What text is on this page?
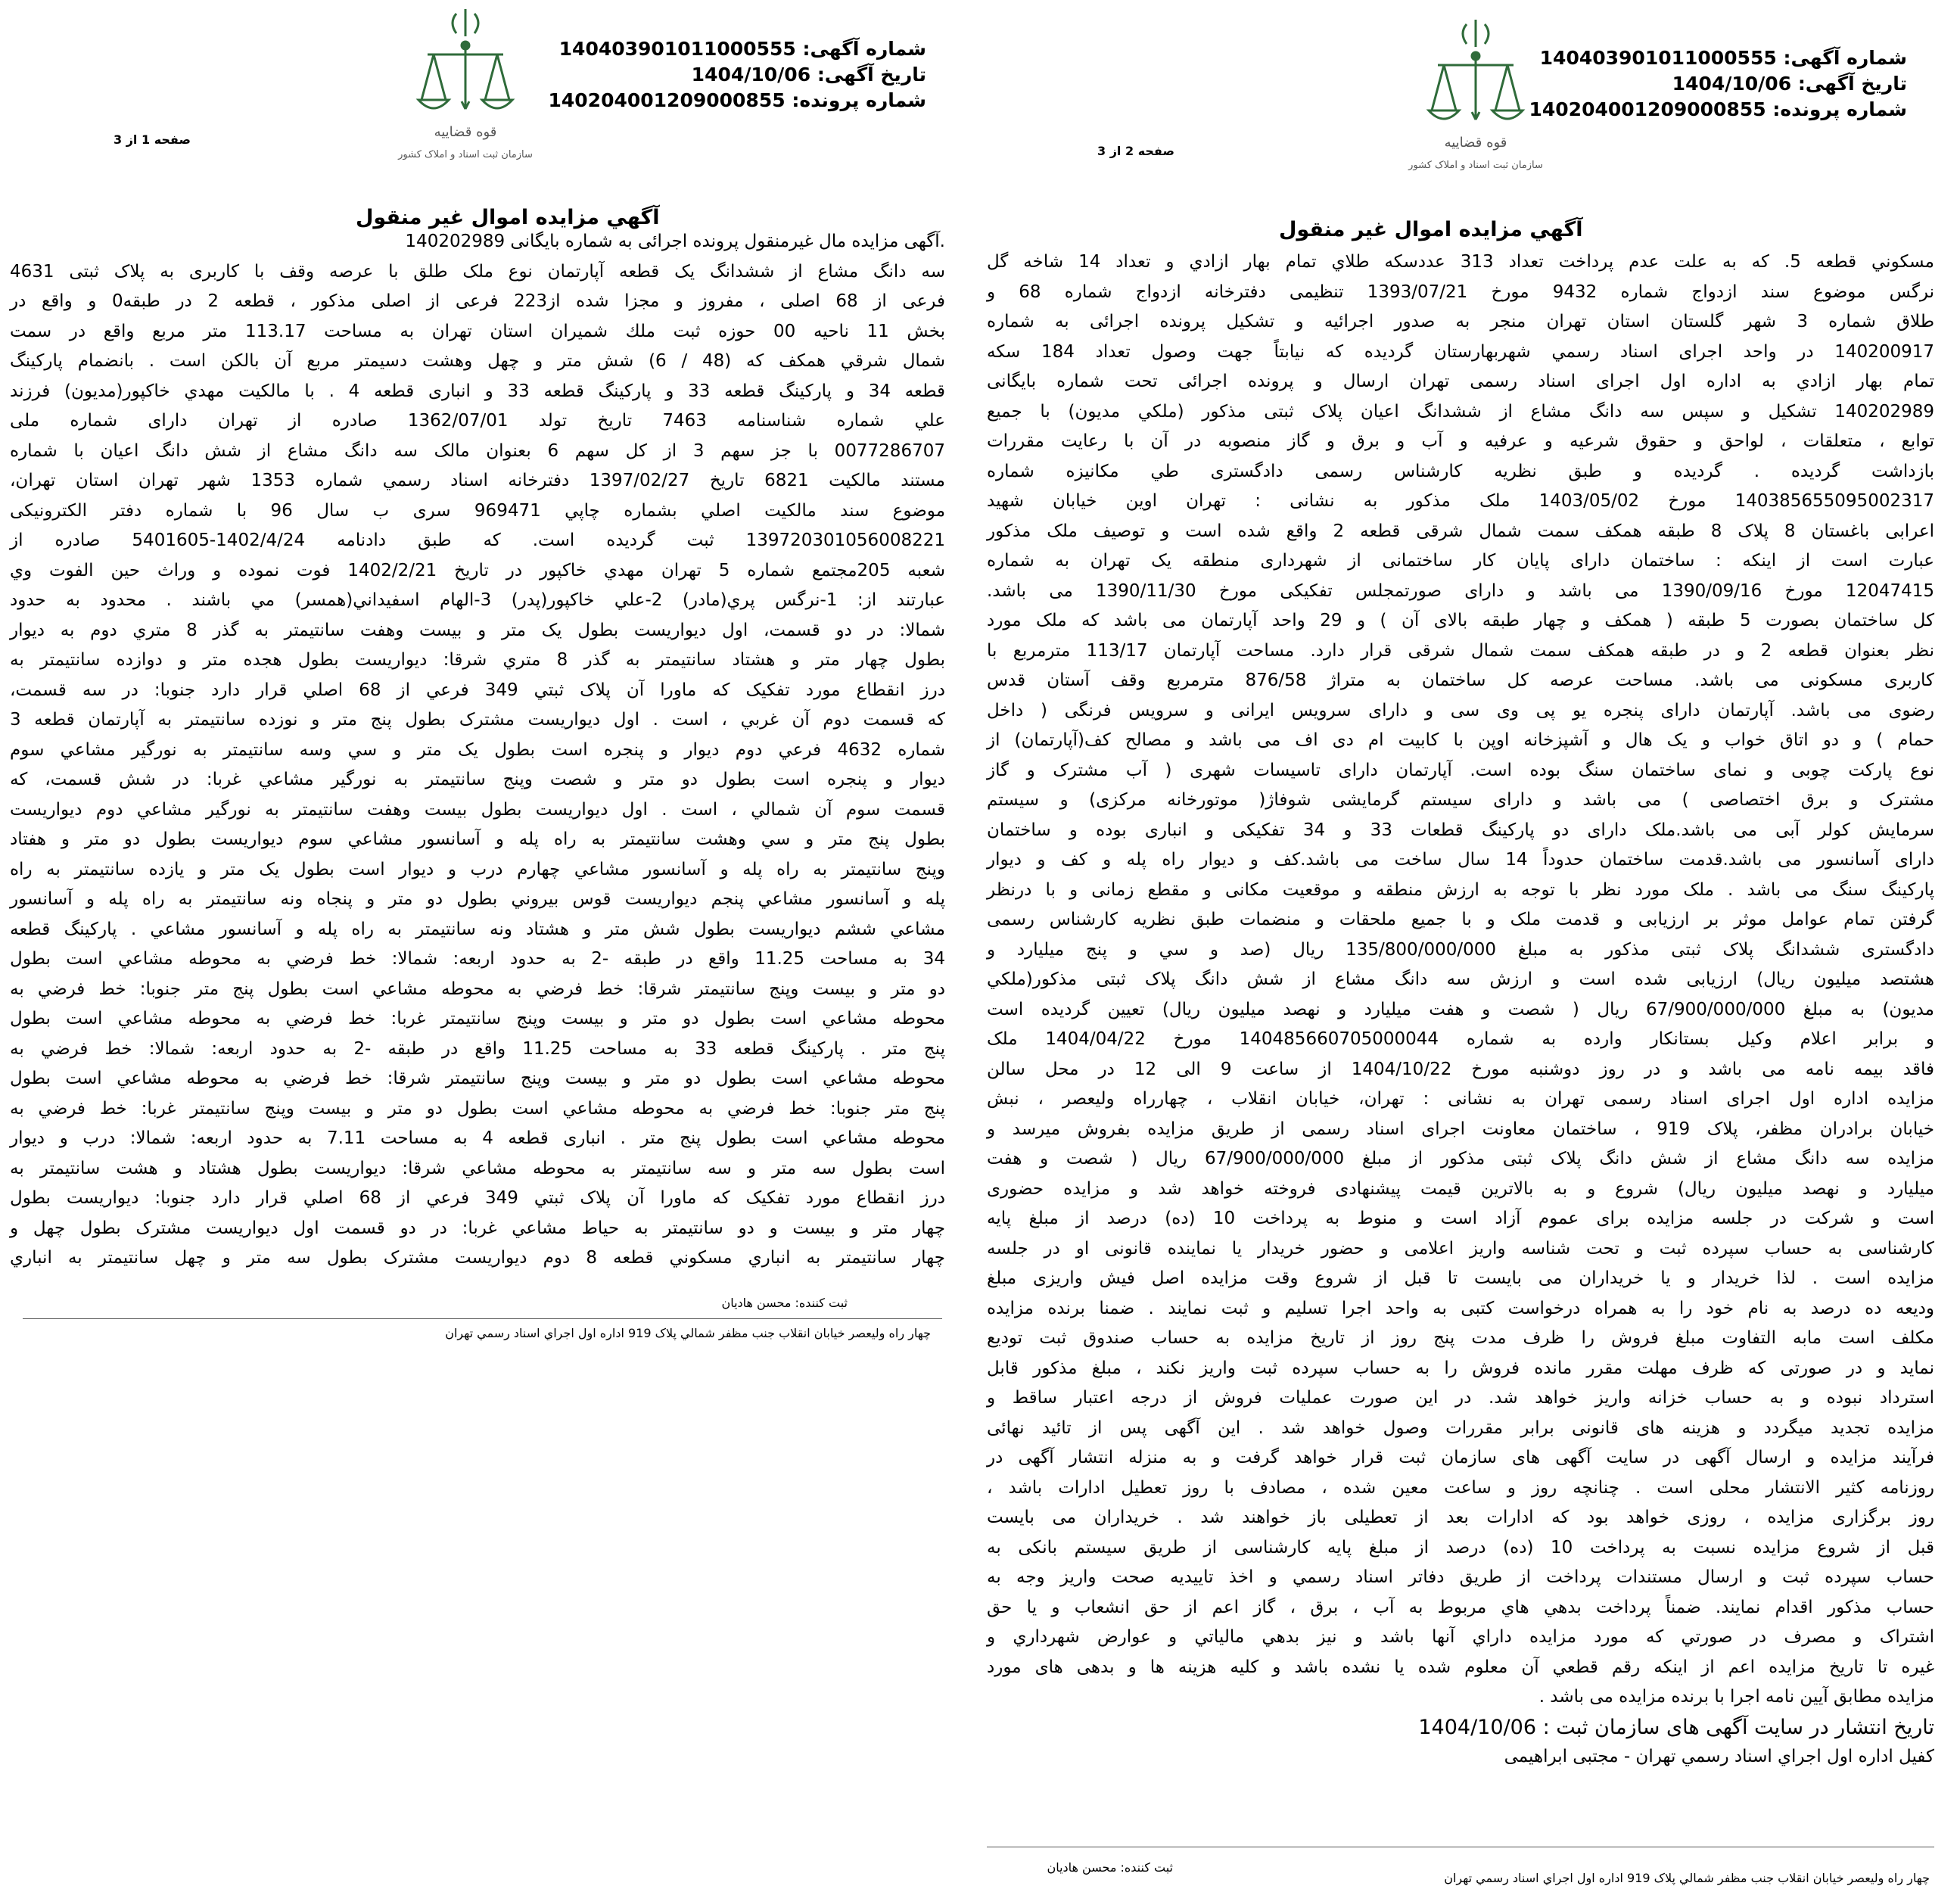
قوه قضاییه
سازمان ثبت اسناد و املاک کشور
شماره آگهی: 140403901011000555
تاریخ آگهی: 1404/10/06
شماره پرونده: 140204001209000855
صفحه 2 از 3
آگهي مزايده اموال غير منقول
مسكوني قطعه 5. كه به علت عدم پرداخت تعداد 313 عددسكه طلاي تمام بهار ازادي و تعداد 14 شاخه گل
نرگس موضوع سند ازدواج شماره 9432 مورخ 1393/07/21 تنظيمی دفترخانه ازدواج شماره 68 و
طلاق شماره 3 شهر گلستان استان تهران منجر به صدور اجرائيه و تشكيل پرونده اجرائی به شماره
140200917 در واحد اجرای اسناد رسمي شهربهارستان گرديده كه نيابتاً جهت وصول تعداد 184 سكه
تمام بهار ازادي به اداره اول اجرای اسناد رسمی تهران ارسال و پرونده اجرائی تحت شماره بايگانی
140202989 تشكيل و سپس سه دانگ مشاع از ششدانگ اعيان پلاک ثبتی مذكور (ملكي مديون) با جميع
توابع ، متعلقات ، لواحق و حقوق شرعيه و عرفيه و آب و برق و گاز منصوبه در آن با رعايت مقررات
بازداشت گرديده . گرديده و طبق نظريه كارشناس رسمی دادگستری طي مكانيزه شماره
140385655095002317 مورخ 1403/05/02 ملک مذكور به نشانی : تهران اوين خيابان شهيد
اعرابی باغستان 8 پلاک 8 طبقه همكف سمت شمال شرقی قطعه 2 واقع شده است و توصيف ملک مذكور
عبارت است از اينكه : ساختمان دارای پايان كار ساختمانی از شهرداری منطقه يک تهران به شماره
12047415 مورخ 1390/09/16 می باشد و دارای صورتمجلس تفكيكی مورخ 1390/11/30 می باشد.
كل ساختمان بصورت 5 طبقه ( همكف و چهار طبقه بالای آن ) و 29 واحد آپارتمان می باشد كه ملک مورد
نظر بعنوان قطعه 2 و در طبقه همكف سمت شمال شرقی قرار دارد. مساحت آپارتمان 113/17 مترمربع با
كاربری مسكونی می باشد. مساحت عرصه كل ساختمان به متراژ 876/58 مترمربع وقف آستان قدس
رضوی می باشد. آپارتمان دارای پنجره يو پی وی سی و دارای سرويس ايرانی و سرويس فرنگی ( داخل
حمام ) و دو اتاق خواب و يک هال و آشپزخانه اوپن با كابيت ام دی اف می باشد و مصالح كف(آپارتمان) از
نوع پاركت چوبی و نمای ساختمان سنگ بوده است. آپارتمان دارای تاسيسات شهری ( آب مشترک و گاز
مشترک و برق اختصاصی ) می باشد و دارای سيستم گرمايشی شوفاژ( موتورخانه مركزی) و سيستم
سرمايش كولر آبی می باشد.ملک دارای دو پاركينگ قطعات 33 و 34 تفكيكی و انباری بوده و ساختمان
دارای آسانسور می باشد.قدمت ساختمان حدوداً 14 سال ساخت می باشد.كف و ديوار راه پله و كف و ديوار
پاركينگ سنگ می باشد . ملک مورد نظر با توجه به ارزش منطقه و موقعيت مكانی و مقطع زمانی و با درنظر
گرفتن تمام عوامل موثر بر ارزيابی و قدمت ملک و با جميع ملحقات و منضمات طبق نظريه كارشناس رسمی
دادگستری ششدانگ پلاک ثبتی مذكور به مبلغ 135/800/000/000 ريال (صد و سي و پنج ميليارد و
هشتصد ميليون ريال) ارزيابی شده است و ارزش سه دانگ مشاع از شش دانگ پلاک ثبتی مذكور(ملكي
مديون) به مبلغ 67/900/000/000 ريال ( شصت و هفت ميليارد و نهصد ميليون ريال) تعيين گرديده است
و برابر اعلام وكيل بستانكار وارده به شماره 140485660705000044 مورخ 1404/04/22 ملک
فاقد بيمه نامه می باشد و در روز دوشنبه مورخ 1404/10/22 از ساعت 9 الی 12 در محل سالن
مزايده اداره اول اجرای اسناد رسمی تهران به نشانی : تهران، خيابان انقلاب ، چهارراه وليعصر ، نبش
خيابان برادران مظفر، پلاک 919 ، ساختمان معاونت اجرای اسناد رسمی از طريق مزايده بفروش ميرسد و
مزايده سه دانگ مشاع از شش دانگ پلاک ثبتی مذكور از مبلغ 67/900/000/000 ريال ( شصت و هفت
ميليارد و نهصد ميليون ريال) شروع و به بالاترين قيمت پيشنهادی فروخته خواهد شد و مزايده حضوری
است و شركت در جلسه مزايده برای عموم آزاد است و منوط به پرداخت 10 (ده) درصد از مبلغ پايه
كارشناسی به حساب سپرده ثبت و تحت شناسه واريز اعلامی و حضور خريدار يا نماينده قانونی او در جلسه
مزايده است . لذا خريدار و يا خريداران می بايست تا قبل از شروع وقت مزايده اصل فيش واريزی مبلغ
وديعه ده درصد به نام خود را به همراه درخواست كتبی به واحد اجرا تسليم و ثبت نمايند . ضمنا برنده مزايده
مكلف است مابه التفاوت مبلغ فروش را ظرف مدت پنج روز از تاريخ مزايده به حساب صندوق ثبت توديع
نمايد و در صورتی كه ظرف مهلت مقرر مانده فروش را به حساب سپرده ثبت واريز نكند ، مبلغ مذكور قابل
استرداد نبوده و به حساب خزانه واريز خواهد شد. در اين صورت عمليات فروش از درجه اعتبار ساقط و
مزايده تجديد ميگردد و هزينه های قانونی برابر مقررات وصول خواهد شد . اين آگهی پس از تائيد نهائی
فرآيند مزايده و ارسال آگهی در سايت آگهی های سازمان ثبت قرار خواهد گرفت و به منزله انتشار آگهی در
روزنامه كثير الانتشار محلی است . چنانچه روز و ساعت معين شده ، مصادف با روز تعطيل ادارات باشد ،
روز برگزاری مزايده ، روزی خواهد بود كه ادارات بعد از تعطيلی باز خواهند شد . خريداران می بايست
قبل از شروع مزايده نسبت به پرداخت 10 (ده) درصد از مبلغ پايه كارشناسی از طريق سيستم بانكی به
حساب سپرده ثبت و ارسال مستندات پرداخت از طريق دفاتر اسناد رسمي و اخذ تاييديه صحت واريز وجه به
حساب مذكور اقدام نمايند. ضمناً پرداخت بدهي هاي مربوط به آب ، برق ، گاز اعم از حق انشعاب و يا حق
اشتراک و مصرف در صورتي كه مورد مزايده داراي آنها باشد و نيز بدهي مالياتي و عوارض شهرداري و
غيره تا تاريخ مزايده اعم از اينكه رقم قطعي آن معلوم شده يا نشده باشد و كليه هزينه ها و بدهی های مورد
مزايده مطابق آيين نامه اجرا با برنده مزايده می باشد .
تاريخ انتشار در سايت آگهی های سازمان ثبت : 1404/10/06
كفيل اداره اول اجراي اسناد رسمي تهران - مجتبی ابراهيمی
ثبت كننده: محسن هاديان
چهار راه وليعصر خيابان انقلاب جنب مظفر شمالي پلاک 919 اداره اول اجراي اسناد رسمي تهران
قوه قضاییه
سازمان ثبت اسناد و املاک کشور
شماره آگهی: 140403901011000555
تاریخ آگهی: 1404/10/06
شماره پرونده: 140204001209000855
صفحه 1 از 3
آگهي مزايده اموال غير منقول
.آگهی مزايده مال غيرمنقول پرونده اجرائی به شماره بايگانی 140202989
سه دانگ مشاع از ششدانگ يک قطعه آپارتمان نوع ملک طلق با عرصه وقف با كاربری به پلاک ثبتی 4631
فرعی از 68 اصلی ، مفروز و مجزا شده از223 فرعی از اصلی مذكور ، قطعه 2 در طبقه0 و واقع در
بخش 11 ناحيه 00 حوزه ثبت ملك شميران استان تهران به مساحت 113.17 متر مربع واقع در سمت
شمال شرقي همكف كه (48 / 6) شش متر و چهل وهشت دسيمتر مربع آن بالكن است . بانضمام پاركينگ
قطعه 34 و پاركينگ قطعه 33 و پاركينگ قطعه 33 و انباری قطعه 4 . با مالكيت مهدي خاكپور(مديون) فرزند
علي شماره شناسنامه 7463 تاريخ تولد 1362/07/01 صادره از تهران دارای شماره ملی
0077286707 با جز سهم 3 از كل سهم 6 بعنوان مالک سه دانگ مشاع از شش دانگ اعيان با شماره
مستند مالكيت 6821 تاريخ 1397/02/27 دفترخانه اسناد رسمي شماره 1353 شهر تهران استان تهران،
موضوع سند مالكيت اصلي بشماره چاپي 969471 سری ب سال 96 با شماره دفتر الكترونيكی
139720301056008221 ثبت گرديده است. كه طبق دادنامه 1402/4/24-5401605 صادره از
شعبه 205مجتمع شماره 5 تهران مهدي خاكپور در تاريخ 1402/2/21 فوت نموده و وراث حين الفوت وي
عبارتند از: 1-نرگس پري(مادر) 2-علي خاكپور(پدر) 3-الهام اسفيداني(همسر) مي باشند . محدود به حدود
شمالا: در دو قسمت، اول ديواريست بطول يک متر و بيست وهفت سانتيمتر به گذر 8 متري دوم به ديوار
بطول چهار متر و هشتاد سانتيمتر به گذر 8 متري شرقا: ديواريست بطول هجده متر و دوازده سانتيمتر به
درز انقطاع مورد تفكيک كه ماورا آن پلاک ثبتي 349 فرعي از 68 اصلي قرار دارد جنوبا: در سه قسمت،
كه قسمت دوم آن غربي ، است . اول ديواريست مشترک بطول پنج متر و نوزده سانتيمتر به آپارتمان قطعه 3
شماره 4632 فرعي دوم ديوار و پنجره است بطول يک متر و سي وسه سانتيمتر به نورگير مشاعي سوم
ديوار و پنجره است بطول دو متر و شصت وپنج سانتيمتر به نورگير مشاعي غربا: در شش قسمت، كه
قسمت سوم آن شمالي ، است . اول ديواريست بطول بيست وهفت سانتيمتر به نورگير مشاعي دوم ديواريست
بطول پنج متر و سي وهشت سانتيمتر به راه پله و آسانسور مشاعي سوم ديواريست بطول دو متر و هفتاد
وپنج سانتيمتر به راه پله و آسانسور مشاعي چهارم درب و ديوار است بطول يک متر و يازده سانتيمتر به راه
پله و آسانسور مشاعي پنجم ديواريست قوس بيروني بطول دو متر و پنجاه ونه سانتيمتر به راه پله و آسانسور
مشاعي ششم ديواريست بطول شش متر و هشتاد ونه سانتيمتر به راه پله و آسانسور مشاعي . پاركينگ قطعه
34 به مساحت 11.25 واقع در طبقه -2 به حدود اربعه: شمالا: خط فرضي به محوطه مشاعي است بطول
دو متر و بيست وپنج سانتيمتر شرقا: خط فرضي به محوطه مشاعي است بطول پنج متر جنوبا: خط فرضي به
محوطه مشاعي است بطول دو متر و بيست وپنج سانتيمتر غربا: خط فرضي به محوطه مشاعي است بطول
پنج متر . پاركينگ قطعه 33 به مساحت 11.25 واقع در طبقه -2 به حدود اربعه: شمالا: خط فرضي به
محوطه مشاعي است بطول دو متر و بيست وپنج سانتيمتر شرقا: خط فرضي به محوطه مشاعي است بطول
پنج متر جنوبا: خط فرضي به محوطه مشاعي است بطول دو متر و بيست وپنج سانتيمتر غربا: خط فرضي به
محوطه مشاعي است بطول پنج متر . انباری قطعه 4 به مساحت 7.11 به حدود اربعه: شمالا: درب و ديوار
است بطول سه متر و سه سانتيمتر به محوطه مشاعي شرقا: ديواريست بطول هشتاد و هشت سانتيمتر به
درز انقطاع مورد تفكيک كه ماورا آن پلاک ثبتي 349 فرعي از 68 اصلي قرار دارد جنوبا: ديواريست بطول
چهار متر و بيست و دو سانتيمتر به حياط مشاعي غربا: در دو قسمت اول ديواريست مشترک بطول چهل و
چهار سانتيمتر به انباري مسكوني قطعه 8 دوم ديواريست مشترک بطول سه متر و چهل سانتيمتر به انباري
ثبت كننده: محسن هاديان
چهار راه وليعصر خيابان انقلاب جنب مظفر شمالي پلاک 919 اداره اول اجراي اسناد رسمي تهران
